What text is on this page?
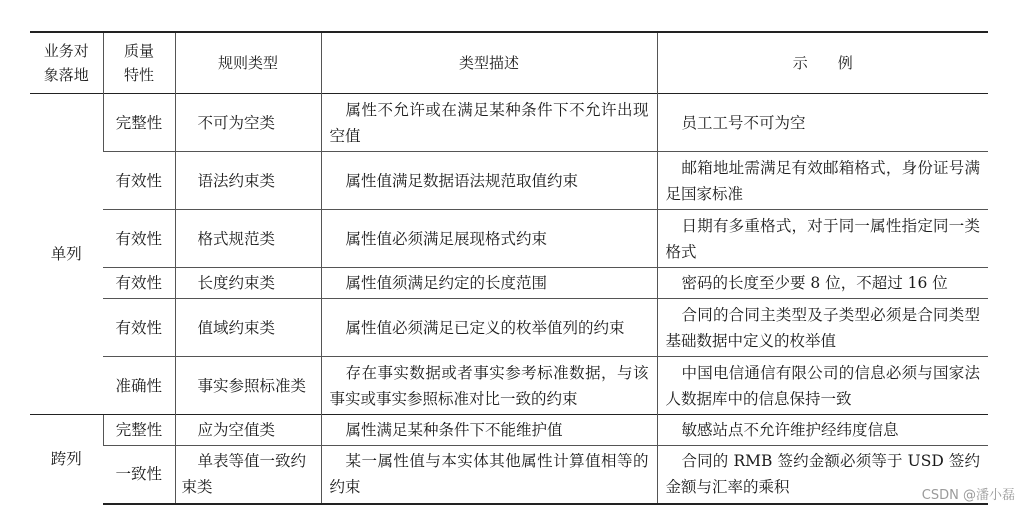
业务对象落地	质量特性	规则类型	类型描述	示　　例
单列	完整性	不可为空类	属性不允许或在满足某种条件下不允许出现空值	员工工号不可为空
	有效性	语法约束类	属性值满足数据语法规范取值约束	邮箱地址需满足有效邮箱格式，身份证号满足国家标准
	有效性	格式规范类	属性值必须满足展现格式约束	日期有多重格式，对于同一属性指定同一类格式
	有效性	长度约束类	属性值须满足约定的长度范围	密码的长度至少要 8 位，不超过 16 位
	有效性	值域约束类	属性值必须满足已定义的枚举值列的约束	合同的合同主类型及子类型必须是合同类型基础数据中定义的枚举值
	准确性	事实参照标准类	存在事实数据或者事实参考标准数据，与该事实或事实参照标准对比一致的约束	中国电信通信有限公司的信息必须与国家法人数据库中的信息保持一致
跨列	完整性	应为空值类	属性满足某种条件下不能维护值	敏感站点不允许维护经纬度信息
	一致性	单表等值一致约束类	某一属性值与本实体其他属性计算值相等的约束	合同的 RMB 签约金额必须等于 USD 签约金额与汇率的乘积	CSDN @潘小磊
